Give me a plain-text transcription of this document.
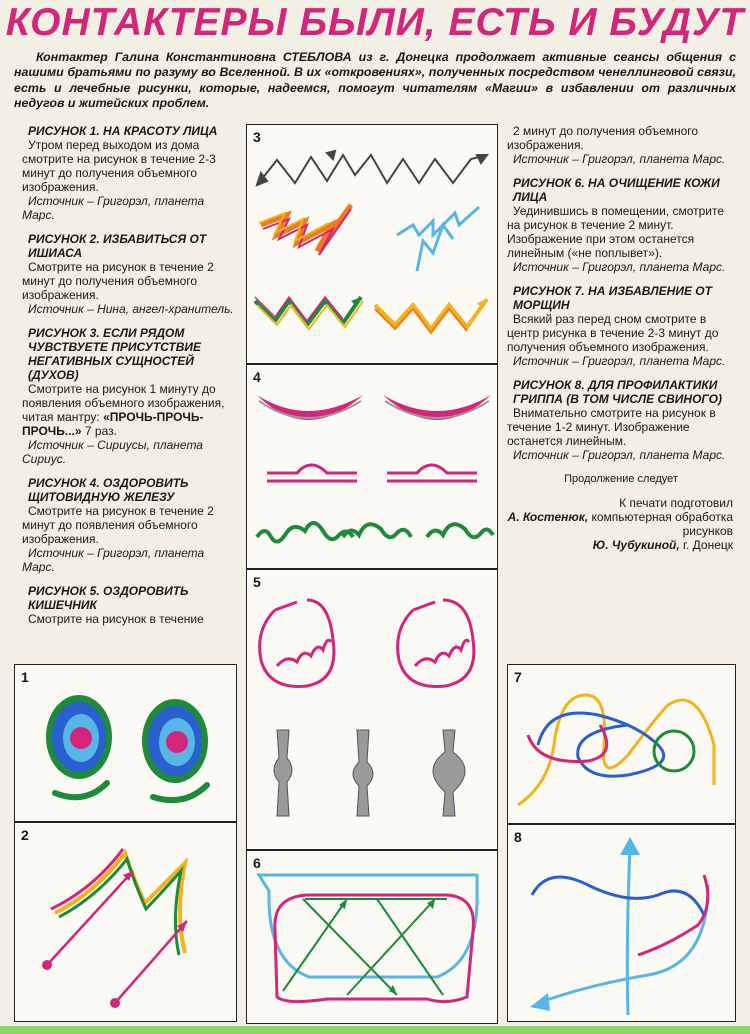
КОНТАКТЕРЫ БЫЛИ, ЕСТЬ И БУДУТ

Контактер Галина Константиновна СТЕБЛОВА из г. Донецка продолжает активные сеансы общения с нашими братьями по разуму во Вселенной. В их «откровениях», полученных посредством ченеллинговой связи, есть и лечебные рисунки, которые, надеемся, помогут читателям «Магии» в избавлении от различных недугов и житейских проблем.

РИСУНОК 1. НА КРАСОТУ ЛИЦА

Утром перед выходом из дома смотрите на рисунок в течение 2-3 минут до получения объемного изображения.

Источник – Григорэл, планета Марс.

РИСУНОК 2. ИЗБАВИТЬСЯ ОТ ИШИАСА

Смотрите на рисунок в течение 2 минут до получения объемного изображения.

Источник – Нина, ангел-хранитель.

РИСУНОК 3. ЕСЛИ РЯДОМ ЧУВСТВУЕТЕ ПРИСУТСТВИЕ НЕГАТИВНЫХ СУЩНОСТЕЙ (ДУХОВ)

Смотрите на рисунок 1 минуту до появления объемного изображения, читая мантру: «ПРОЧЬ-ПРОЧЬ-ПРОЧЬ...» 7 раз.

Источник – Сириусы, планета Сириус.

РИСУНОК 4. ОЗДОРОВИТЬ ЩИТОВИДНУЮ ЖЕЛЕЗУ

Смотрите на рисунок в течение 2 минут до появления объемного изображения.

Источник – Григорэл, планета Марс.

РИСУНОК 5. ОЗДОРОВИТЬ КИШЕЧНИК

Смотрите на рисунок в течение

2 минут до получения объемного изображения.

Источник – Григорэл, планета Марс.

РИСУНОК 6. НА ОЧИЩЕНИЕ КОЖИ ЛИЦА

Уединившись в помещении, смотрите на рисунок в течение 2 минут. Изображение при этом останется линейным («не поплывет»).

Источник – Григорэл, планета Марс.

РИСУНОК 7. НА ИЗБАВЛЕНИЕ ОТ МОРЩИН

Всякий раз перед сном смотрите в центр рисунка в течение 2-3 минут до получения объемного изображения.

Источник – Григорэл, планета Марс.

РИСУНОК 8. ДЛЯ ПРОФИЛАКТИКИ ГРИППА (В ТОМ ЧИСЛЕ СВИНОГО)

Внимательно смотрите на рисунок в течение 1-2 минут. Изображение останется линейным.

Источник – Григорэл, планета Марс.

Продолжение следует
К печати подготовил
А. Костенюк, компьютерная обработка рисунков
Ю. Чубукиной, г. Донецк
1
2
3
4
5
6
7
8
